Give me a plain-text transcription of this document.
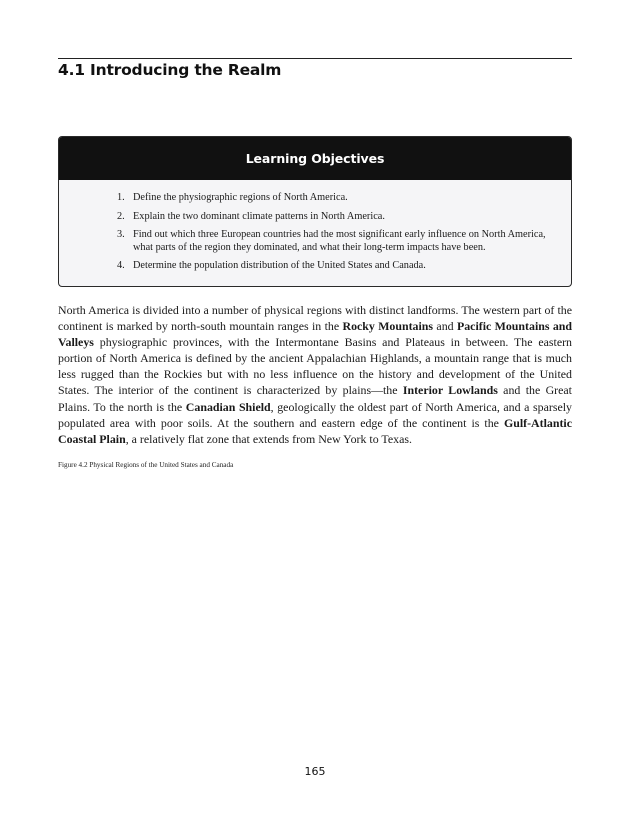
4.1 Introducing the Realm
Learning Objectives
1. Define the physiographic regions of North America.
2. Explain the two dominant climate patterns in North America.
3. Find out which three European countries had the most significant early influence on North America, what parts of the region they dominated, and what their long-term impacts have been.
4. Determine the population distribution of the United States and Canada.

North America is divided into a number of physical regions with distinct landforms. The western part of the continent is marked by north-south mountain ranges in the Rocky Mountains and Pacific Mountains and Valleys physiographic provinces, with the Intermontane Basins and Plateaus in between. The eastern portion of North America is defined by the ancient Appalachian Highlands, a mountain range that is much less rugged than the Rockies but with no less influence on the history and development of the United States. The interior of the continent is characterized by plains—the Interior Lowlands and the Great Plains. To the north is the Canadian Shield, geologically the oldest part of North America, and a sparsely populated area with poor soils. At the southern and eastern edge of the continent is the Gulf-Atlantic Coastal Plain, a relatively flat zone that extends from New York to Texas.

Figure 4.2 Physical Regions of the United States and Canada

165
